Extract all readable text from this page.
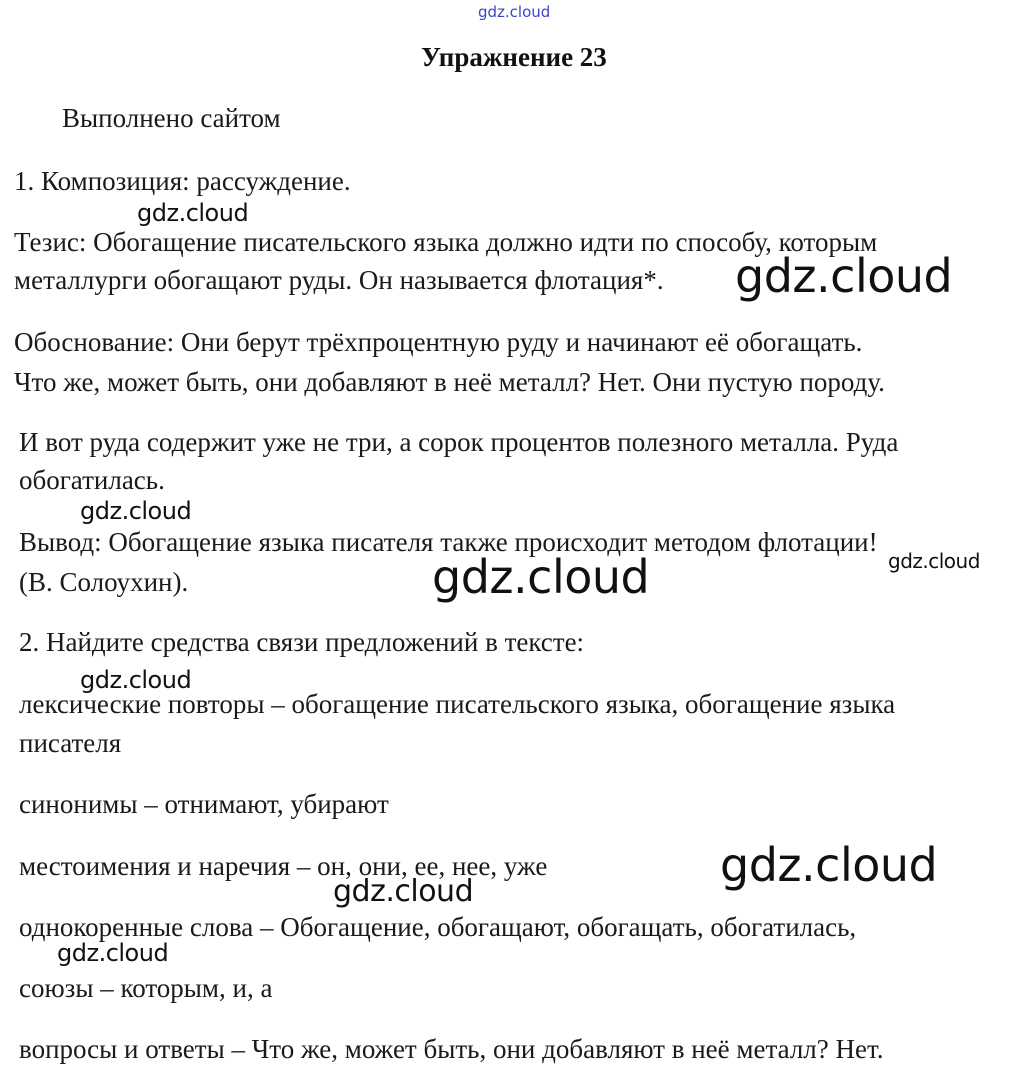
gdz.cloud
Упражнение 23
Выполнено сайтом
1. Композиция: рассуждение.
gdz.cloud
Тезис: Обогащение писательского языка должно идти по способу, которым
металлурги обогащают руды. Он называется флотация*. gdz.cloud
Обоснование: Они берут трёхпроцентную руду и начинают её обогащать.
Что же, может быть, они добавляют в неё металл? Нет. Они пустую породу.
И вот руда содержит уже не три, а сорок процентов полезного металла. Руда
обогатилась.
gdz.cloud
Вывод: Обогащение языка писателя также происходит методом флотации!
gdz.cloud
(В. Солоухин).	gdz.cloud
2. Найдите средства связи предложений в тексте:
gdz.cloud
лексические повторы – обогащение писательского языка, обогащение языка
писателя
синонимы – отнимают, убирают
gdz.cloud
местоимения и наречия – он, они, ее, нее, уже
gdz.cloud
однокоренные слова – Обогащение, обогащают, обогащать, обогатилась,
gdz.cloud
союзы – которым, и, а
вопросы и ответы – Что же, может быть, они добавляют в неё металл? Нет.
